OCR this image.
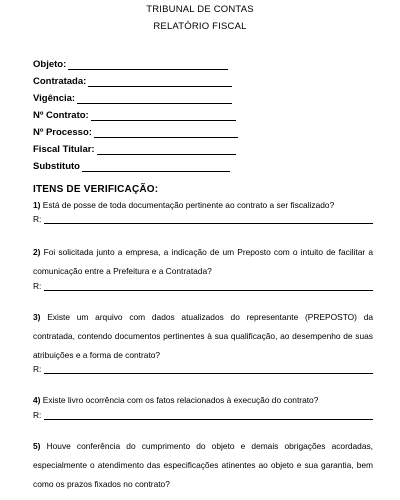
TRIBUNAL DE CONTAS
RELATÓRIO FISCAL
Objeto:
Contratada:
Vigência:
Nº Contrato:
Nº Processo:
Fiscal Titular:
Substituto
ITENS DE VERIFICAÇÃO:
1) Está de posse de toda documentação pertinente ao contrato a ser fiscalizado?
R:
2) Foi solicitada junto a empresa, a indicação de um Preposto com o intuito de facilitar a comunicação entre a Prefeitura e a Contratada?
R:
3) Existe um arquivo com dados atualizados do representante (PREPOSTO) da contratada, contendo documentos pertinentes à sua qualificação, ao desempenho de suas atribuições e a forma de contrato?
R:
4) Existe livro ocorrência com os fatos relacionados à execução do contrato?
R:
5) Houve conferência do cumprimento do objeto e demais obrigações acordadas, especialmente o atendimento das especificações atinentes ao objeto e sua garantia, bem como os prazos fixados no contrato?
